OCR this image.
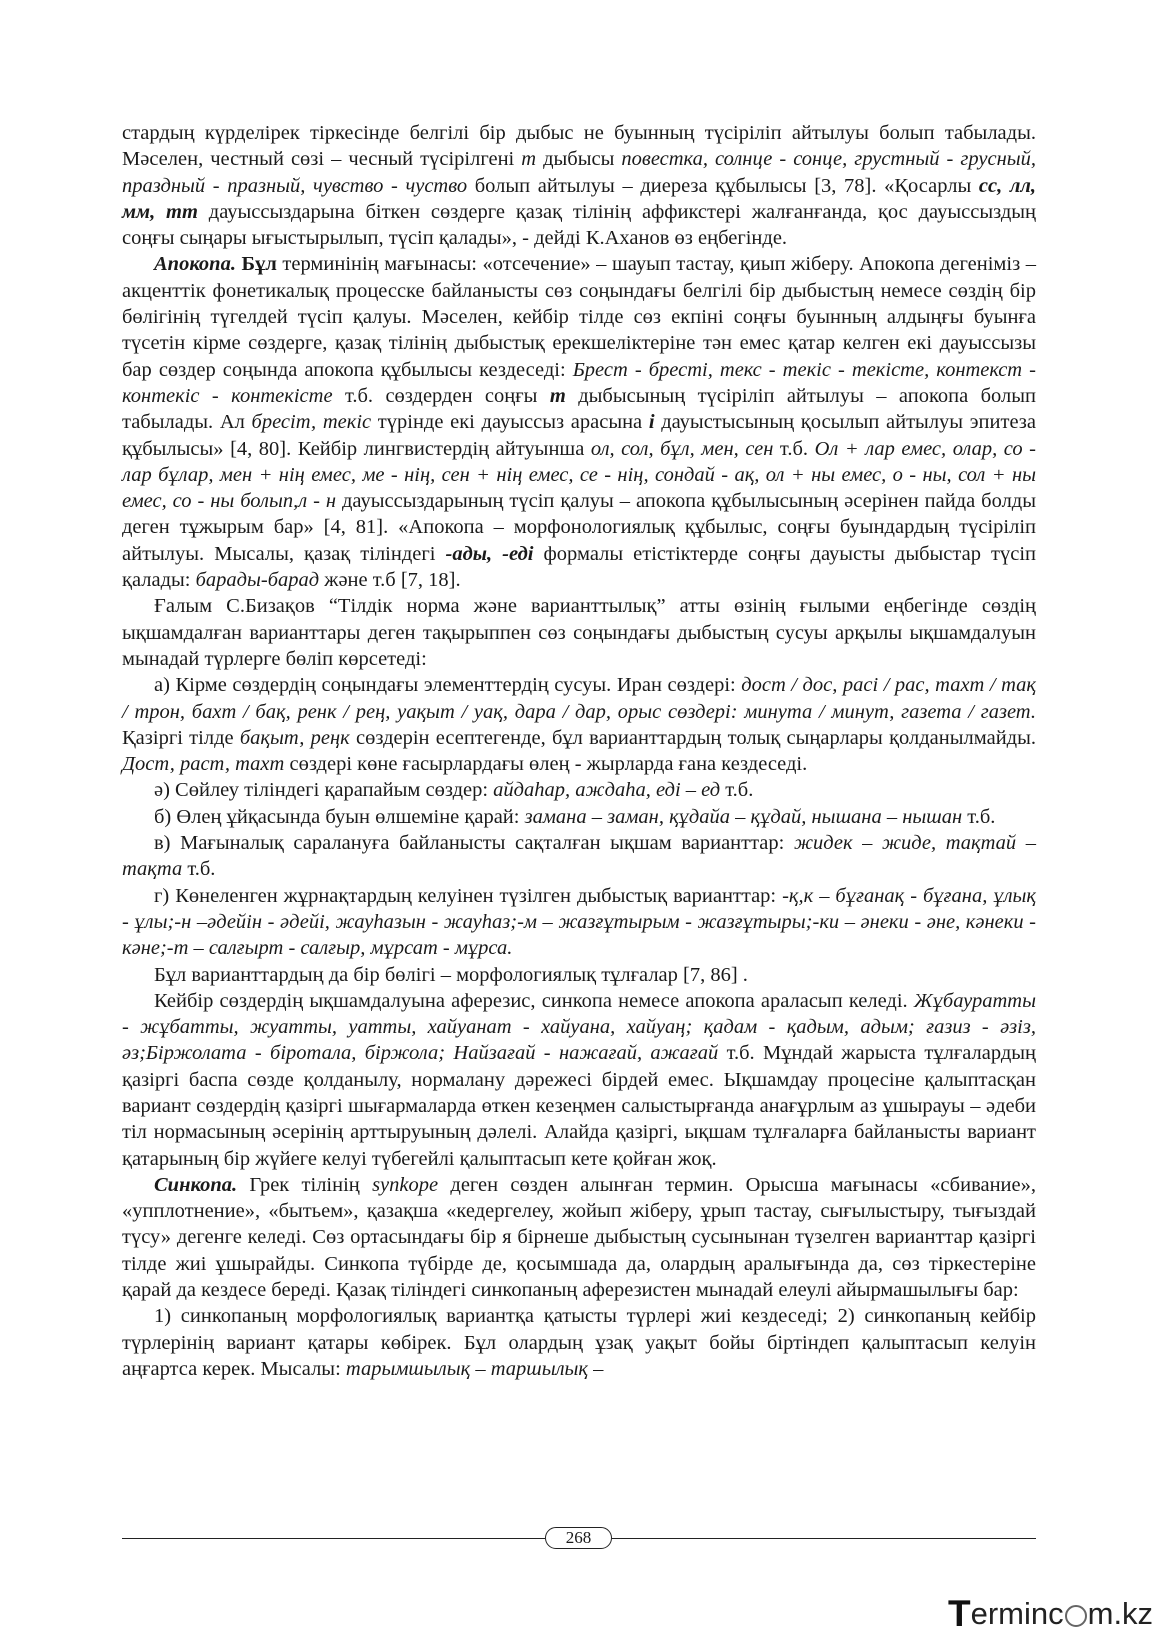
стардың күрделірек тіркесінде белгілі бір дыбыс не буынның түсіріліп айтылуы болып табылады. Мәселен, честный сөзі – чесный түсірілгені т дыбысы повестка, солнце - сонце, грустный - грусный, праздный - празный, чувство - чуство болып айтылуы – диереза құбылысы [3, 78]. «Қосарлы сс, лл, мм, тт дауыссыздарына біткен сөздерге қазақ тілінің аффикстері жалғанғанда, қос дауыссыздың соңғы сыңары ығыстырылып, түсіп қалады», - дейді К.Аханов өз еңбегінде.

Апокопа. Бұл терминінің мағынасы: «отсечение» – шауып тастау, қиып жіберу. Апокопа дегеніміз – акценттік фонетикалық процесске байланысты сөз соңындағы белгілі бір дыбыстың немесе сөздің бір бөлігінің түгелдей түсіп қалуы. Мәселен, кейбір тілде сөз екпіні соңғы буынның алдыңғы буынға түсетін кірме сөздерге, қазақ тілінің дыбыстық ерекшеліктеріне тән емес қатар келген екі дауыссызы бар сөздер соңында апокопа құбылысы кездеседі: Брест - бресті, текс - текіс - текісте, контекст - контекіс - контекісте т.б. сөздерден соңғы т дыбысының түсіріліп айтылуы – апокопа болып табылады. Ал бресіт, текіс түрінде екі дауыссыз арасына і дауыстысының қосылып айтылуы эпитеза құбылысы» [4, 80]. Кейбір лингвистердің айтуынша ол, сол, бұл, мен, сен т.б. Ол + лар емес, олар, со - лар бұлар, мен + нің емес, ме - нің, сен + нің емес, се - нің, сондай - ақ, ол + ны емес, о - ны, сол + ны емес, со - ны болып,л - н дауыссыздарының түсіп қалуы – апокопа құбылысының әсерінен пайда болды деген тұжырым бар» [4, 81]. «Апокопа – морфонологиялық құбылыс, соңғы буындардың түсіріліп айтылуы. Мысалы, қазақ тіліндегі -ады, -еді формалы етістіктерде соңғы дауысты дыбыстар түсіп қалады: барады-барад және т.б [7, 18].

Ғалым С.Бизақов “Тілдік норма және варианттылық” атты өзінің ғылыми еңбегінде сөздің ықшамдалған варианттары деген тақырыппен сөз соңындағы дыбыстың сусуы арқылы ықшамдалуын мынадай түрлерге бөліп көрсетеді:

а) Кірме сөздердің соңындағы элементтердің сусуы. Иран сөздері: дост / дос, расі / рас, тахт / тақ / трон, бахт / бақ, ренк / рең, уақыт / уақ, дара / дар, орыс сөздері: минута / минут, газета / газет. Қазіргі тілде бақыт, реңк сөздерін есептегенде, бұл варианттардың толық сыңарлары қолданылмайды. Дост, раст, тахт сөздері көне ғасырлардағы өлең - жырларда ғана кездеседі.

ә) Сөйлеу тіліндегі қарапайым сөздер: айдаһар, аждаһа, еді – ед т.б.

б) Өлең ұйқасында буын өлшеміне қарай: замана – заман, құдайа – құдай, нышана – нышан т.б.

в) Мағыналық саралануға байланысты сақталған ықшам варианттар: жидек – жиде, тақтай – тақта т.б.

г) Көнеленген жұрнақтардың келуінен түзілген дыбыстық варианттар: -қ,к – бұғанақ - бұғана, ұлық - ұлы;-н –әдейін - әдейі, жауһазын - жауһаз;-м – жазғұтырым - жазғұтыры;-ки – әнеки - әне, кәнеки - кәне;-т – салғырт - салғыр, мұрсат - мұрса.

Бұл варианттардың да бір бөлігі – морфологиялық тұлғалар [7, 86] .

Кейбір сөздердің ықшамдалуына аферезис, синкопа немесе апокопа араласып келеді. Жұбауратты - жұбатты, жуатты, уатты, хайуанат - хайуана, хайуаң; қадам - қадым, адым; ғазиз - әзіз, әз;Біржолата - біротала, біржола; Найзағай - нажағай, ажағай т.б. Мұндай жарыста тұлғалардың қазіргі баспа сөзде қолданылу, нормалану дәрежесі бірдей емес. Ықшамдау процесіне қалыптасқан вариант сөздердің қазіргі шығармаларда өткен кезеңмен салыстырғанда анағұрлым аз ұшырауы – әдеби тіл нормасының әсерінің арттыруының дәлелі. Алайда қазіргі, ықшам тұлғаларға байланысты вариант қатарының бір жүйеге келуі түбегейлі қалыптасып кете қойған жоқ.

Синкопа. Грек тілінің synkope деген сөзден алынған термин. Орысша мағынасы «сбивание», «упплотнение», «бытьем», қазақша «кедергелеу, жойып жіберу, ұрып тастау, сығылыстыру, тығыздай түсу» дегенге келеді. Сөз ортасындағы бір я бірнеше дыбыстың сусынынан түзелген варианттар қазіргі тілде жиі ұшырайды. Синкопа түбірде де, қосымшада да, олардың аралығында да, сөз тіркестеріне қарай да кездесе береді. Қазақ тіліндегі синкопаның аферезистен мынадай елеулі айырмашылығы бар:

1) синкопаның морфологиялық вариантқа қатысты түрлері жиі кездеседі; 2) синкопаның кейбір түрлерінің вариант қатары көбірек. Бұл олардың ұзақ уақыт бойы біртіндеп қалыптасып келуін аңғартса керек. Мысалы: тарымшылық – таршылық –

268
T erminc m.kz
